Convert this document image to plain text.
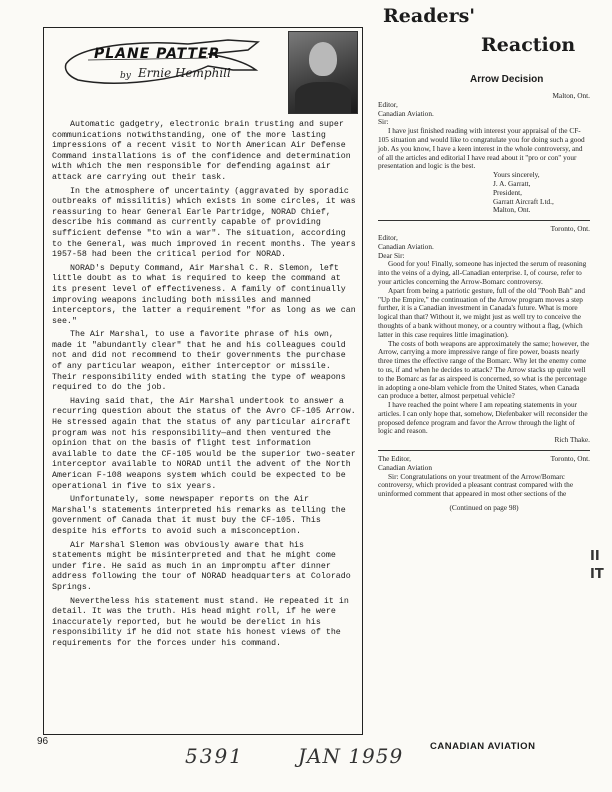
PLANE PATTER
by Ernie Hemphill

Automatic gadgetry, electronic brain trusting and super communications notwithstanding, one of the more lasting impressions of a recent visit to North American Air Defense Command installations is of the confidence and determination with which the men responsible for defending against air attack are carrying out their task.

In the atmosphere of uncertainty (aggravated by sporadic outbreaks of missilitis) which exists in some circles, it was reassuring to hear General Earle Partridge, NORAD Chief, describe his command as currently capable of providing sufficient defense "to win a war". The situation, according to the General, was much improved in recent months. The years 1957-58 had been the critical period for NORAD.

NORAD's Deputy Command, Air Marshal C. R. Slemon, left little doubt as to what is required to keep the command at its present level of effectiveness. A family of continually improving weapons including both missiles and manned interceptors, the latter a requirement "for as long as we can see."

The Air Marshal, to use a favorite phrase of his own, made it "abundantly clear" that he and his colleagues could not and did not recommend to their governments the purchase of any particular weapon, either interceptor or missile. Their responsibility ended with stating the type of weapons required to do the job.

Having said that, the Air Marshal undertook to answer a recurring question about the status of the Avro CF-105 Arrow. He stressed again that the status of any particular aircraft program was not his responsibility—and then ventured the opinion that on the basis of flight test information available to date the CF-105 would be the superior two-seater interceptor available to NORAD until the advent of the North American F-108 weapons system which could be expected to be operational in five to six years.

Unfortunately, some newspaper reports on the Air Marshal's statements interpreted his remarks as telling the government of Canada that it must buy the CF-105. This despite his efforts to avoid such a misconception.

Air Marshal Slemon was obviously aware that his statements might be misinterpreted and that he might come under fire. He said as much in an impromptu after dinner address following the tour of NORAD headquarters at Colorado Springs.

Nevertheless his statement must stand. He repeated it in detail. It was the truth. His head might roll, if he were inaccurately reported, but he would be derelict in his responsibility if he did not state his honest views of the requirements for the forces under his command.

Readers'
Reaction
Arrow Decision

Malton, Ont.

Editor,

Canadian Aviation.

Sir:

I have just finished reading with interest your appraisal of the CF-105 situation and would like to congratulate you for doing such a good job. As you know, I have a keen interest in the whole controversy, and of all the articles and editorial I have read about it "pro or con" your presentation and logic is the best.

Yours sincerely,

J. A. Garratt,

President,

Garratt Aircraft Ltd.,

Malton, Ont.

Toronto, Ont.

Editor,

Canadian Aviation.

Dear Sir:

Good for you! Finally, someone has injected the serum of reasoning into the veins of a dying, all-Canadian enterprise. I, of course, refer to your articles concerning the Arrow-Bomarc controversy.

Apart from being a patriotic gesture, full of the old "Pooh Bah" and "Up the Empire," the continuation of the Arrow program moves a step further, it is a Canadian investment in Canada's future. What is more logical than that? Without it, we might just as well try to conceive the thoughts of a bank without money, or a country without a flag, (which latter in this case requires little imagination).

The costs of both weapons are approximately the same; however, the Arrow, carrying a more impressive range of fire power, boasts nearly three times the effective range of the Bomarc. Why let the enemy come to us, if and when he decides to attack? The Arrow stacks up quite well to the Bomarc as far as airspeed is concerned, so what is the percentage in adopting a one-blam vehicle from the United States, when Canada can produce a better, almost perpetual vehicle?

I have reached the point where I am repeating statements in your articles. I can only hope that, somehow, Diefenbaker will reconsider the proposed defence program and favor the Arrow through the light of logic and reason.

Rich Thake.

The Editor,	Toronto, Ont.

Canadian Aviation

Sir: Congratulations on your treatment of the Arrow/Bomarc controversy, which provided a pleasant contrast compared with the uninformed comment that appeared in most other sections of the

(Continued on page 98)

96
5391	JAN 1959	CANADIAN AVIATION
II
IT
